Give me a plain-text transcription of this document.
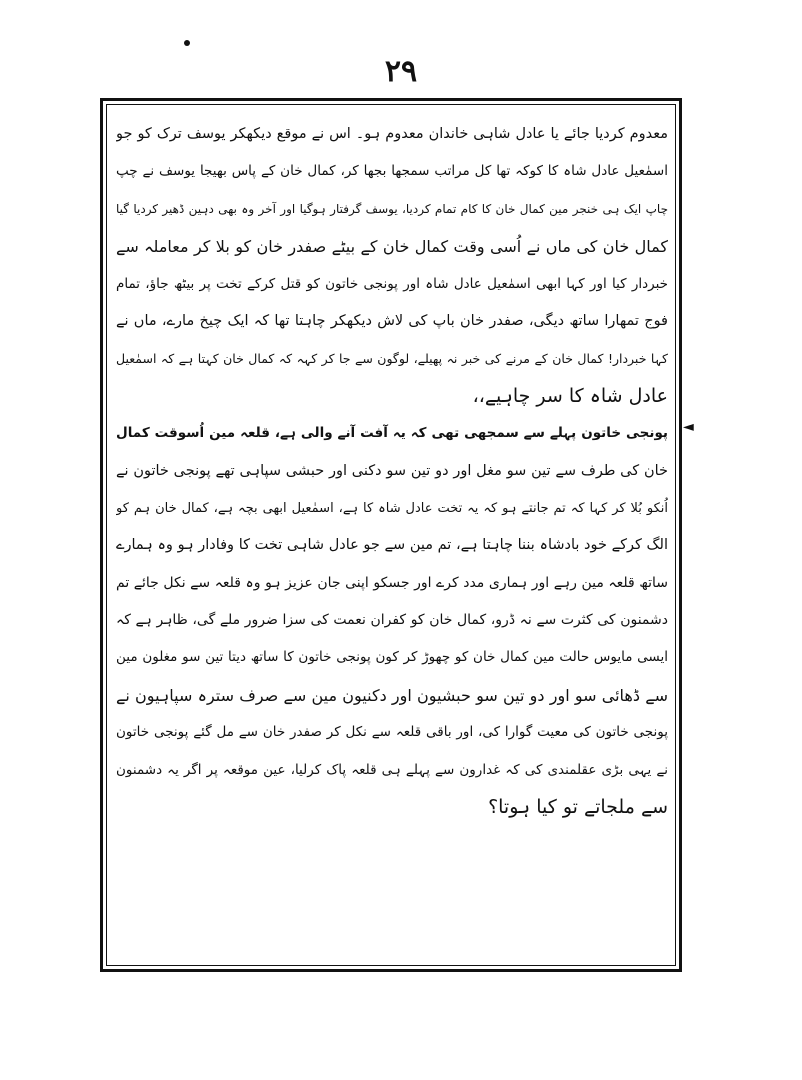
۲۹
◄
معدوم کردیا جائے یا عادل شاہی خاندان معدوم ہو۔ اس نے موقع دیکھکر یوسف ترک کو جو
اسمٰعیل عادل شاہ کا کوکہ تھا کل مراتب سمجھا بجھا کر، کمال خان کے پاس بھیجا یوسف نے چپ
چاپ ایک ہی خنجر مین کمال خان کا کام تمام کردیا، یوسف گرفتار ہوگیا اور آخر وہ بھی دہین ڈھیر کردیا گیا
کمال خان کی ماں نے اُسی وقت کمال خان کے بیٹے صفدر خان کو بلا کر معاملہ سے
خبردار کیا اور کہا ابھی اسمٰعیل عادل شاہ اور پونجی خاتون کو قتل کرکے تخت پر بیٹھ جاؤ، تمام
فوج تمھارا ساتھ دیگی، صفدر خان باپ کی لاش دیکھکر چاہتا تھا کہ ایک چیخ مارے، ماں نے
کہا خبردار! کمال خان کے مرنے کی خبر نہ پھیلے، لوگون سے جا کر کہہ کہ کمال خان کہتا ہے کہ اسمٰعیل
عادل شاہ کا سر چاہیے،،
پونجی خاتون پہلے سے سمجھی تھی کہ یہ آفت آنے والی ہے، قلعہ مین اُسوقت کمال
خان کی طرف سے تین سو مغل اور دو تین سو دکنی اور حبشی سپاہی تھے پونجی خاتون نے
اُنکو بُلا کر کہا کہ تم جانتے ہو کہ یہ تخت عادل شاہ کا ہے، اسمٰعیل ابھی بچہ ہے، کمال خان ہم کو
الگ کرکے خود بادشاہ بننا چاہتا ہے، تم مین سے جو عادل شاہی تخت کا وفادار ہو وہ ہمارے
ساتھ قلعہ مین رہے اور ہماری مدد کرے اور جسکو اپنی جان عزیز ہو وہ قلعہ سے نکل جائے تم
دشمنون کی کثرت سے نہ ڈرو، کمال خان کو کفران نعمت کی سزا ضرور ملے گی، ظاہر ہے کہ
ایسی مایوس حالت مین کمال خان کو چھوڑ کر کون پونجی خاتون کا ساتھ دیتا تین سو مغلون مین
سے ڈھائی سو اور دو تین سو حبشیون اور دکنیون مین سے صرف سترہ سپاہیون نے
پونجی خاتون کی معیت گوارا کی، اور باقی قلعہ سے نکل کر صفدر خان سے مل گئے پونجی خاتون
نے یہی بڑی عقلمندی کی کہ غدارون سے پہلے ہی قلعہ پاک کرلیا، عین موقعہ پر اگر یہ دشمنون
سے ملجاتے تو کیا ہوتا؟
